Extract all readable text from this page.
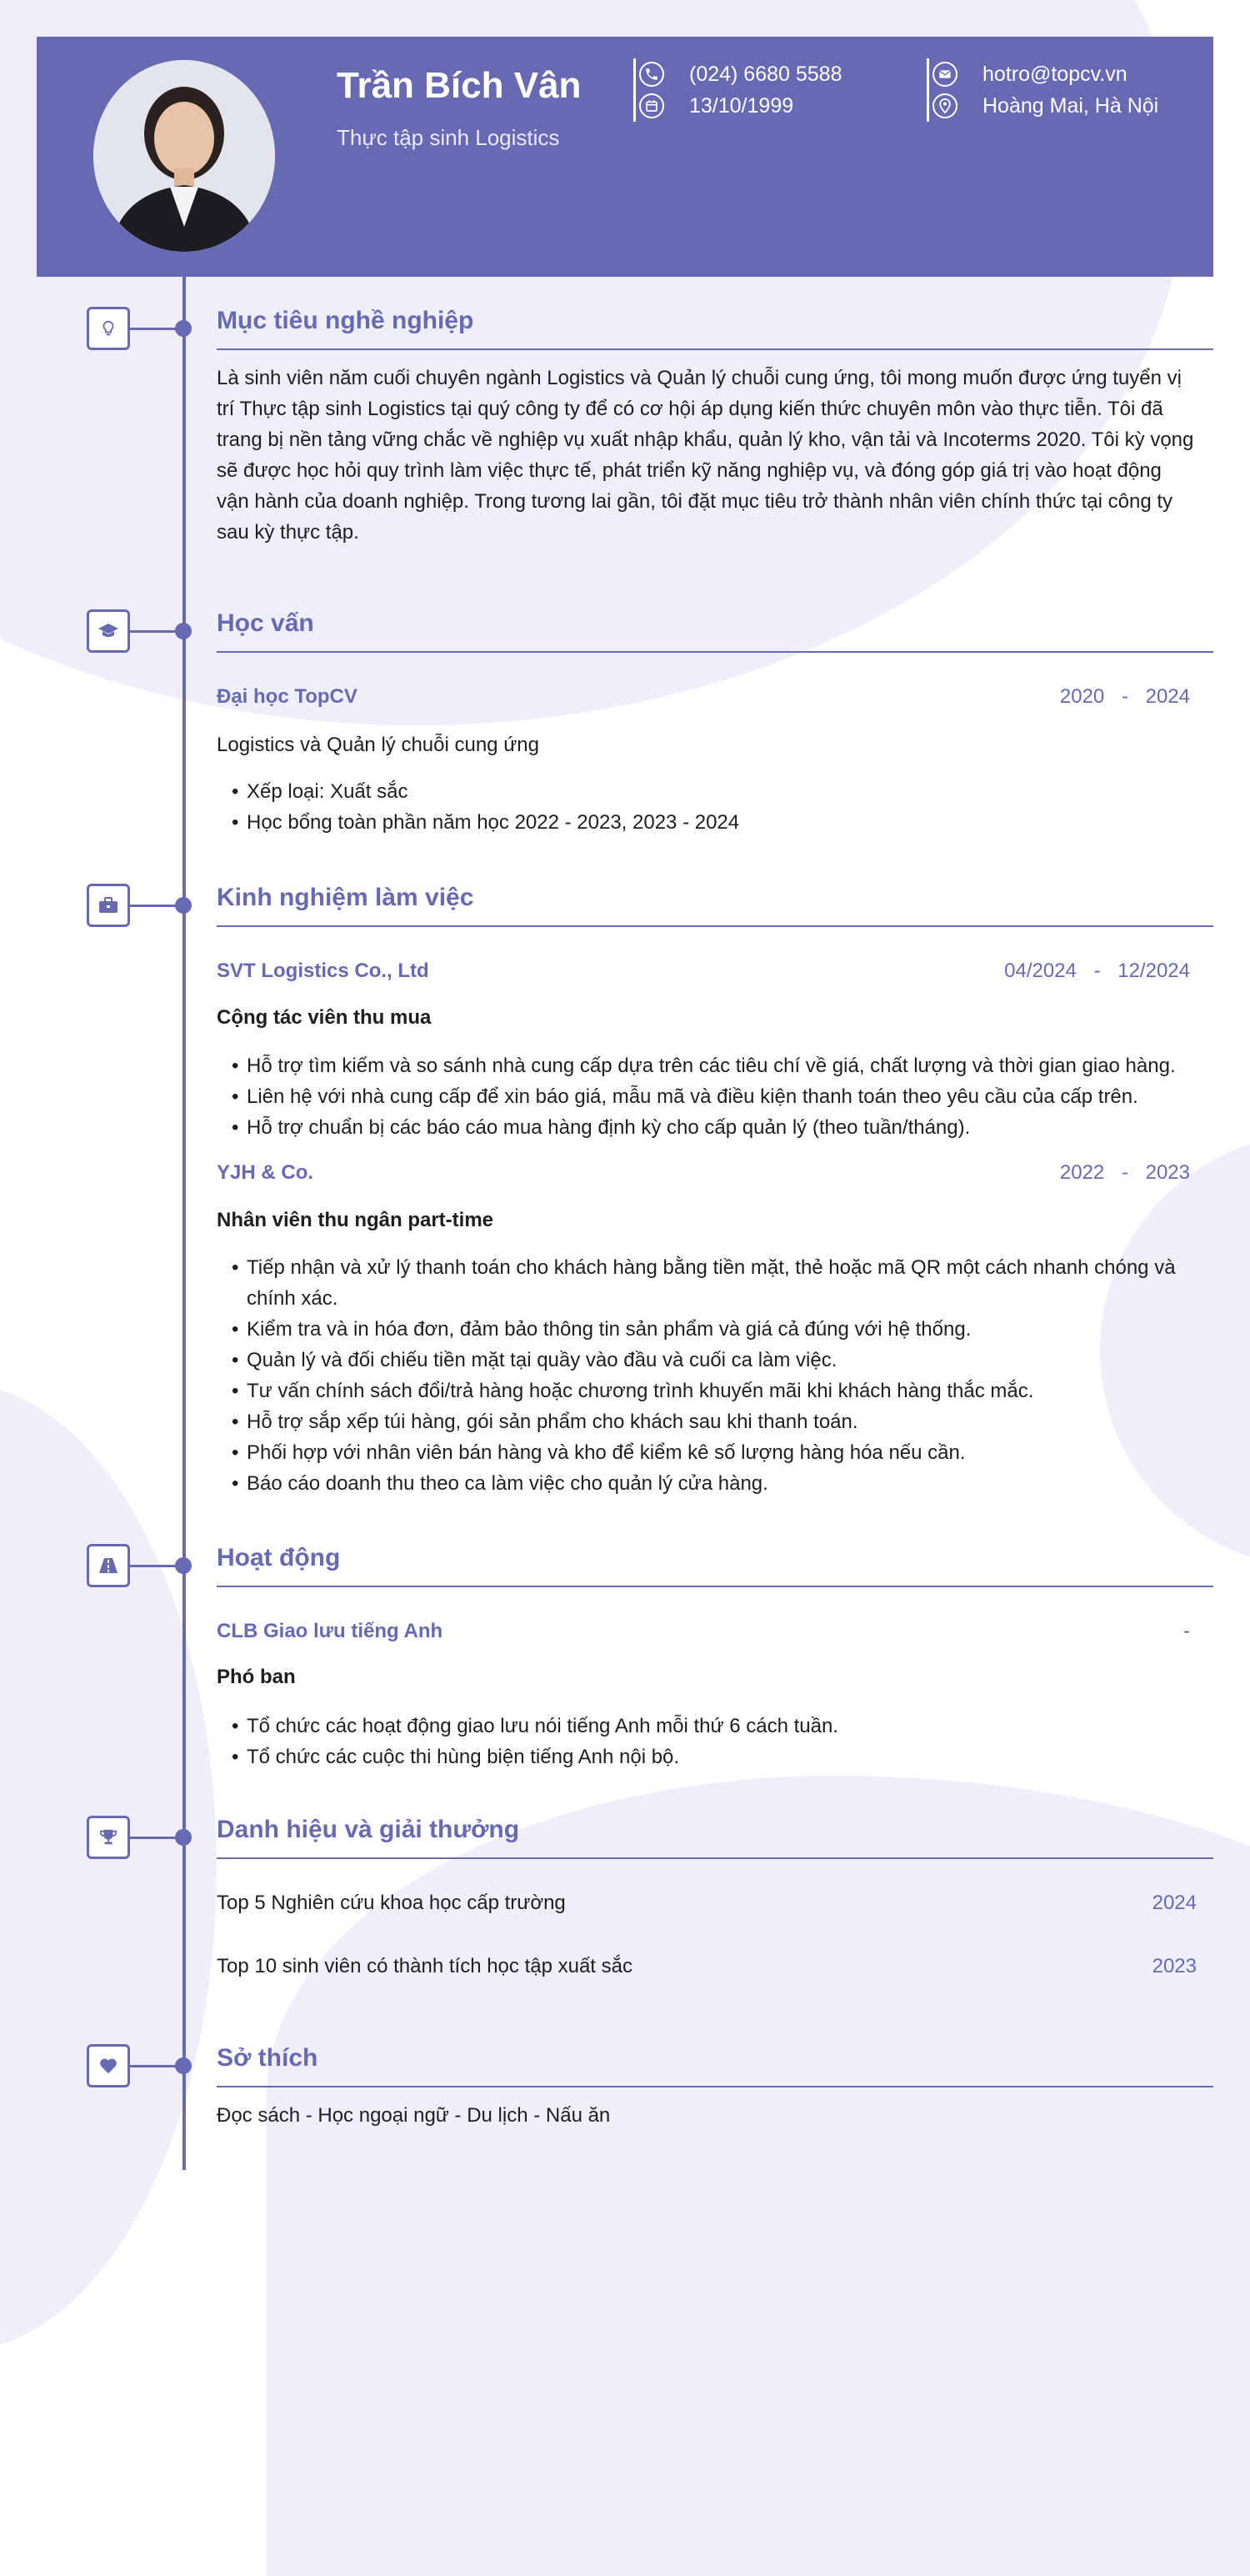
Trần Bích Vân
Thực tập sinh Logistics
(024) 6680 5588
13/10/1999
hotro@topcv.vn
Hoàng Mai, Hà Nội
Mục tiêu nghề nghiệp
Là sinh viên năm cuối chuyên ngành Logistics và Quản lý chuỗi cung ứng, tôi mong muốn được ứng tuyển vị
trí Thực tập sinh Logistics tại quý công ty để có cơ hội áp dụng kiến thức chuyên môn vào thực tiễn. Tôi đã
trang bị nền tảng vững chắc về nghiệp vụ xuất nhập khẩu, quản lý kho, vận tải và Incoterms 2020. Tôi kỳ vọng
sẽ được học hỏi quy trình làm việc thực tế, phát triển kỹ năng nghiệp vụ, và đóng góp giá trị vào hoạt động
vận hành của doanh nghiệp. Trong tương lai gần, tôi đặt mục tiêu trở thành nhân viên chính thức tại công ty
sau kỳ thực tập.
Học vấn
Đại học TopCV	2020 - 2024
Logistics và Quản lý chuỗi cung ứng
• Xếp loại: Xuất sắc
• Học bổng toàn phần năm học 2022 - 2023, 2023 - 2024
Kinh nghiệm làm việc
SVT Logistics Co., Ltd	04/2024 - 12/2024
Cộng tác viên thu mua
• Hỗ trợ tìm kiếm và so sánh nhà cung cấp dựa trên các tiêu chí về giá, chất lượng và thời gian giao hàng.
• Liên hệ với nhà cung cấp để xin báo giá, mẫu mã và điều kiện thanh toán theo yêu cầu của cấp trên.
• Hỗ trợ chuẩn bị các báo cáo mua hàng định kỳ cho cấp quản lý (theo tuần/tháng).
YJH & Co.	2022 - 2023
Nhân viên thu ngân part-time
• Tiếp nhận và xử lý thanh toán cho khách hàng bằng tiền mặt, thẻ hoặc mã QR một cách nhanh chóng và
chính xác.
• Kiểm tra và in hóa đơn, đảm bảo thông tin sản phẩm và giá cả đúng với hệ thống.
• Quản lý và đối chiếu tiền mặt tại quầy vào đầu và cuối ca làm việc.
• Tư vấn chính sách đổi/trả hàng hoặc chương trình khuyến mãi khi khách hàng thắc mắc.
• Hỗ trợ sắp xếp túi hàng, gói sản phẩm cho khách sau khi thanh toán.
• Phối hợp với nhân viên bán hàng và kho để kiểm kê số lượng hàng hóa nếu cần.
• Báo cáo doanh thu theo ca làm việc cho quản lý cửa hàng.
Hoạt động
CLB Giao lưu tiếng Anh	-
Phó ban
• Tổ chức các hoạt động giao lưu nói tiếng Anh mỗi thứ 6 cách tuần.
• Tổ chức các cuộc thi hùng biện tiếng Anh nội bộ.
Danh hiệu và giải thưởng
Top 5 Nghiên cứu khoa học cấp trường	2024
Top 10 sinh viên có thành tích học tập xuất sắc	2023
Sở thích
Đọc sách - Học ngoại ngữ - Du lịch - Nấu ăn
